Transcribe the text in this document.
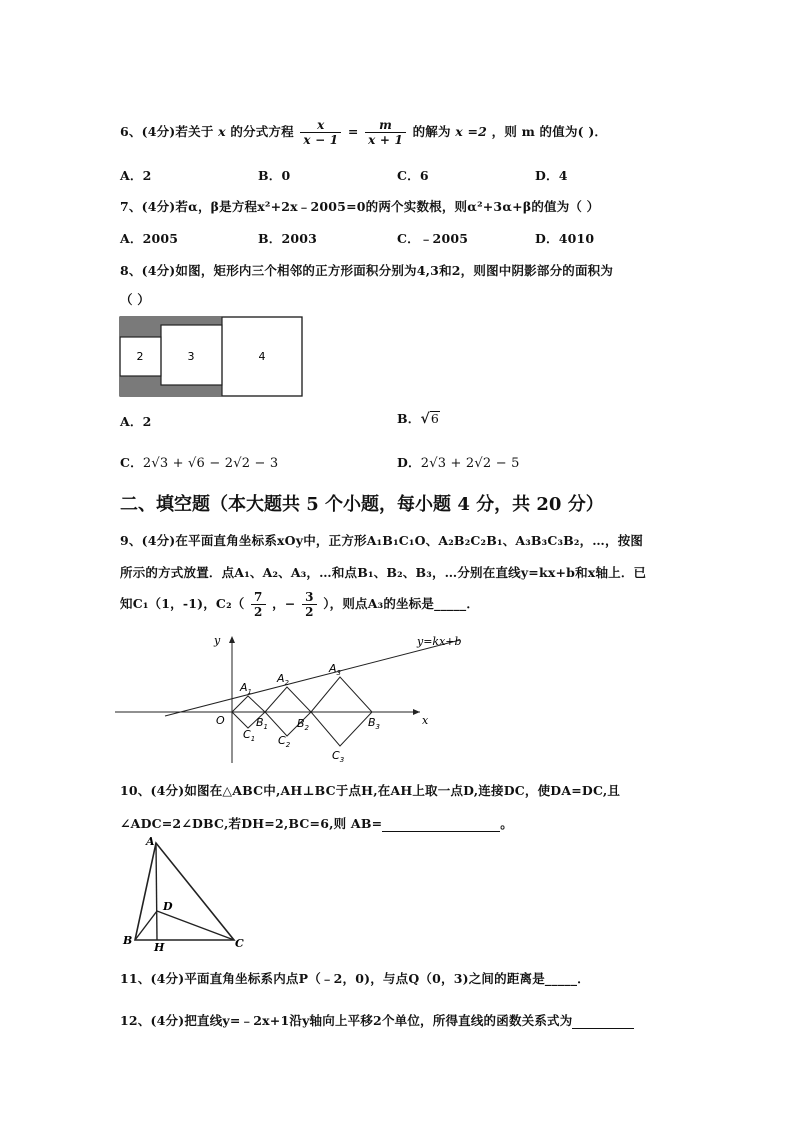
6、(4分)若关于 x 的分式方程 $\frac{x}{x - 1} = \frac{m}{x + 1}$ 的解为 x =2 ，则 m 的值为( )．
A．2	B．0	C．6	D．4
7、(4分)若α，β是方程x²+2x﹣2005=0的两个实数根，则α²+3α+β的值为（ ）
A．2005	B．2003	C．﹣2005	D．4010
8、(4分)如图，矩形内三个相邻的正方形面积分别为4,3和2，则图中阴影部分的面积为
（ ）
2	3	4
A．2	B．√6
C．2√3 + √6 − 2√2 − 3	D．2√3 + 2√2 − 5
二、填空题（本大题共 5 个小题，每小题 4 分，共 20 分）
9、(4分)在平面直角坐标系xOy中，正方形A₁B₁C₁O、A₂B₂C₂B₁、A₃B₃C₃B₂，…，按图
所示的方式放置．点A₁、A₂、A₃，…和点B₁、B₂、B₃，…分别在直线y=kx+b和x轴上．已
知C₁（1，-1)，$C_2( \frac{7}{2}$ ，− $\frac{3}{2}$ ），则点A₃的坐标是_____．
y=kx+b
y
x
O
$A_1$
$A_2$
$A_3$
$B_1$	$B_2$	$B_3$
$C_1$ $C_2$
$C_3$
10、(4分)如图在△ABC中,AH⊥BC于点H,在AH上取一点D,连接DC，使DA=DC,且
∠ADC=2∠DBC,若DH=2,BC=6,则 AB=	。
A
B	C
D
H
11、(4分)平面直角坐标系内点P（﹣2，0)，与点Q（0，3)之间的距离是_____．
12、(4分)把直线y=﹣2x+1沿y轴向上平移2个单位，所得直线的函数关系式为
